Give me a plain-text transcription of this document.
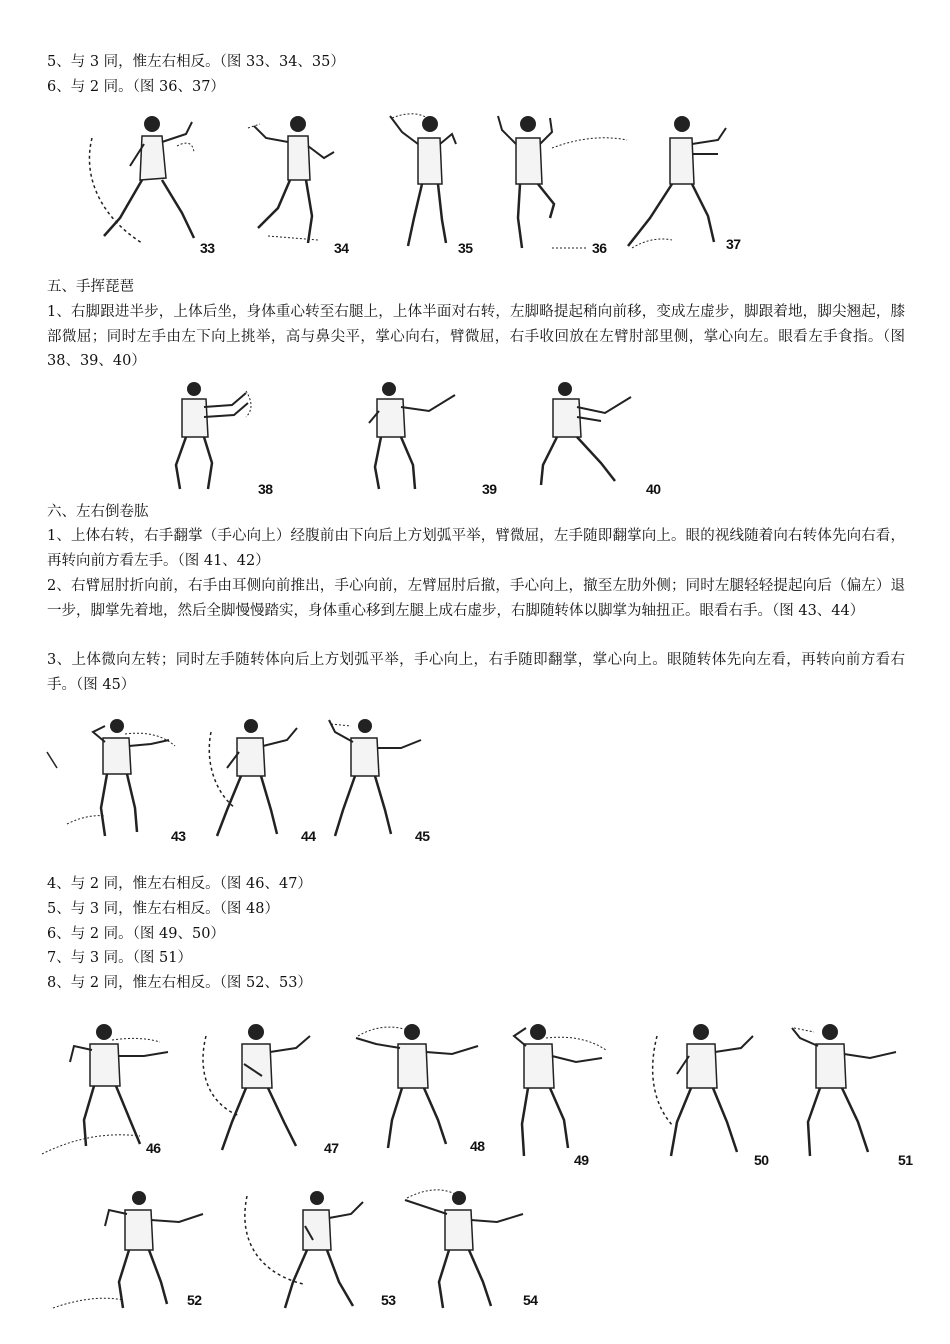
5、与 3 同，惟左右相反。（图 33、34、35）
6、与 2 同。（图 36、37）
33	34	35	36	37
五、手挥琵琶
1、右脚跟进半步，上体后坐，身体重心转至右腿上，上体半面对右转，左脚略提起稍向前移，变成左虚步，脚跟着地，脚尖翘起，膝部微屈；同时左手由左下向上挑举，高与鼻尖平，掌心向右，臂微屈，右手收回放在左臂肘部里侧，掌心向左。眼看左手食指。（图 38、39、40）
38	39	40
六、左右倒卷肱
1、上体右转，右手翻掌（手心向上）经腹前由下向后上方划弧平举，臂微屈，左手随即翻掌向上。眼的视线随着向右转体先向右看，再转向前方看左手。（图 41、42）
2、右臂屈肘折向前，右手由耳侧向前推出，手心向前，左臂屈肘后撤，手心向上，撤至左肋外侧；同时左腿轻轻提起向后（偏左）退一步，脚掌先着地，然后全脚慢慢踏实，身体重心移到左腿上成右虚步，右脚随转体以脚掌为轴扭正。眼看右手。（图 43、44）
3、上体微向左转；同时左手随转体向后上方划弧平举，手心向上，右手随即翻掌，掌心向上。眼随转体先向左看，再转向前方看右手。（图 45）
43	44	45
4、与 2 同，惟左右相反。（图 46、47）
5、与 3 同，惟左右相反。（图 48）
6、与 2 同。（图 49、50）
7、与 3 同。（图 51）
8、与 2 同，惟左右相反。（图 52、53）
46	47	48
49	50	51
52	53	54
